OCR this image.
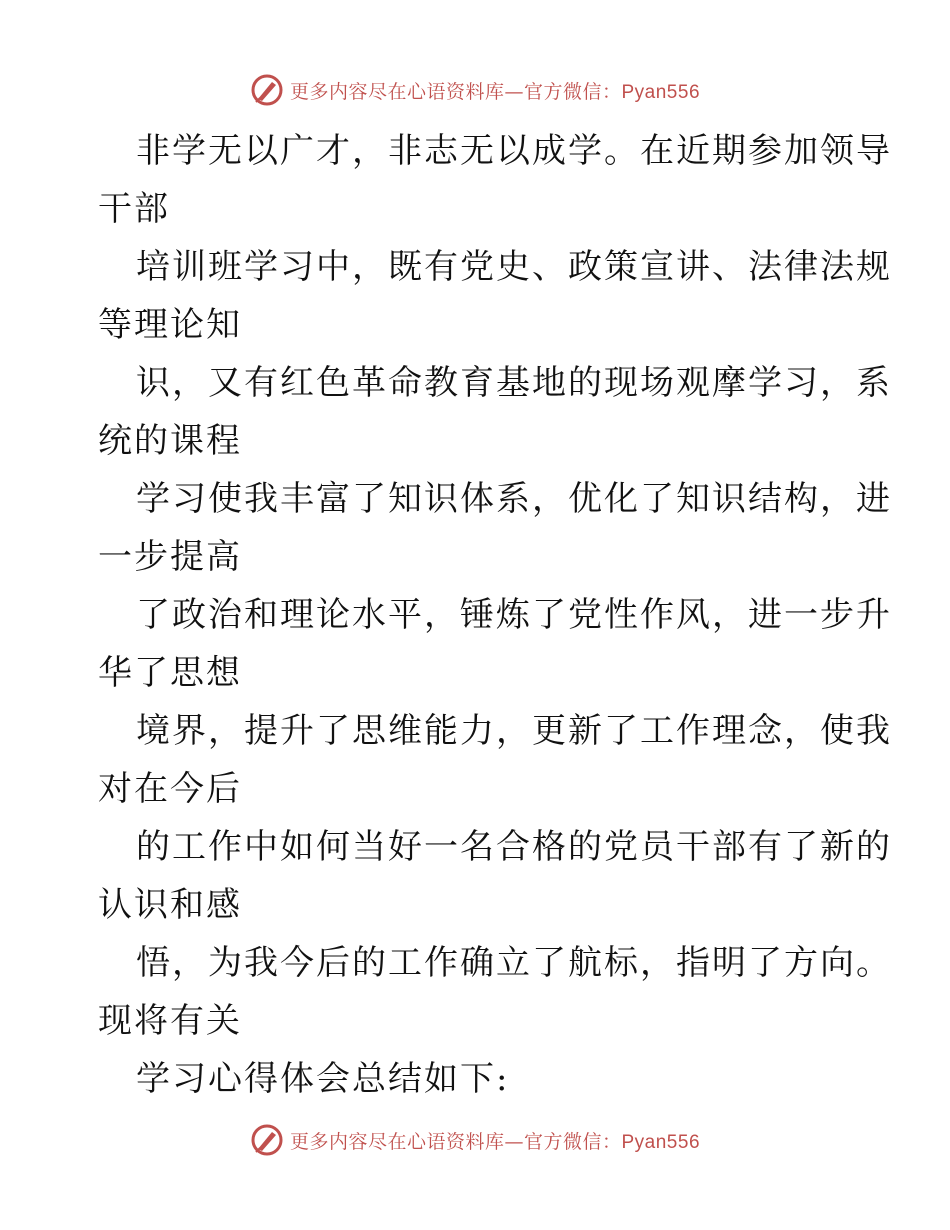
更多内容尽在心语资料库—官方微信：Pyan556
非学无以广才，非志无以成学。在近期参加领导
干部
培训班学习中，既有党史、政策宣讲、法律法规
等理论知
识，又有红色革命教育基地的现场观摩学习，系
统的课程
学习使我丰富了知识体系，优化了知识结构，进
一步提高
了政治和理论水平，锤炼了党性作风，进一步升
华了思想
境界，提升了思维能力，更新了工作理念，使我
对在今后
的工作中如何当好一名合格的党员干部有了新的
认识和感
悟，为我今后的工作确立了航标，指明了方向。
现将有关
学习心得体会总结如下:
更多内容尽在心语资料库—官方微信：Pyan556
